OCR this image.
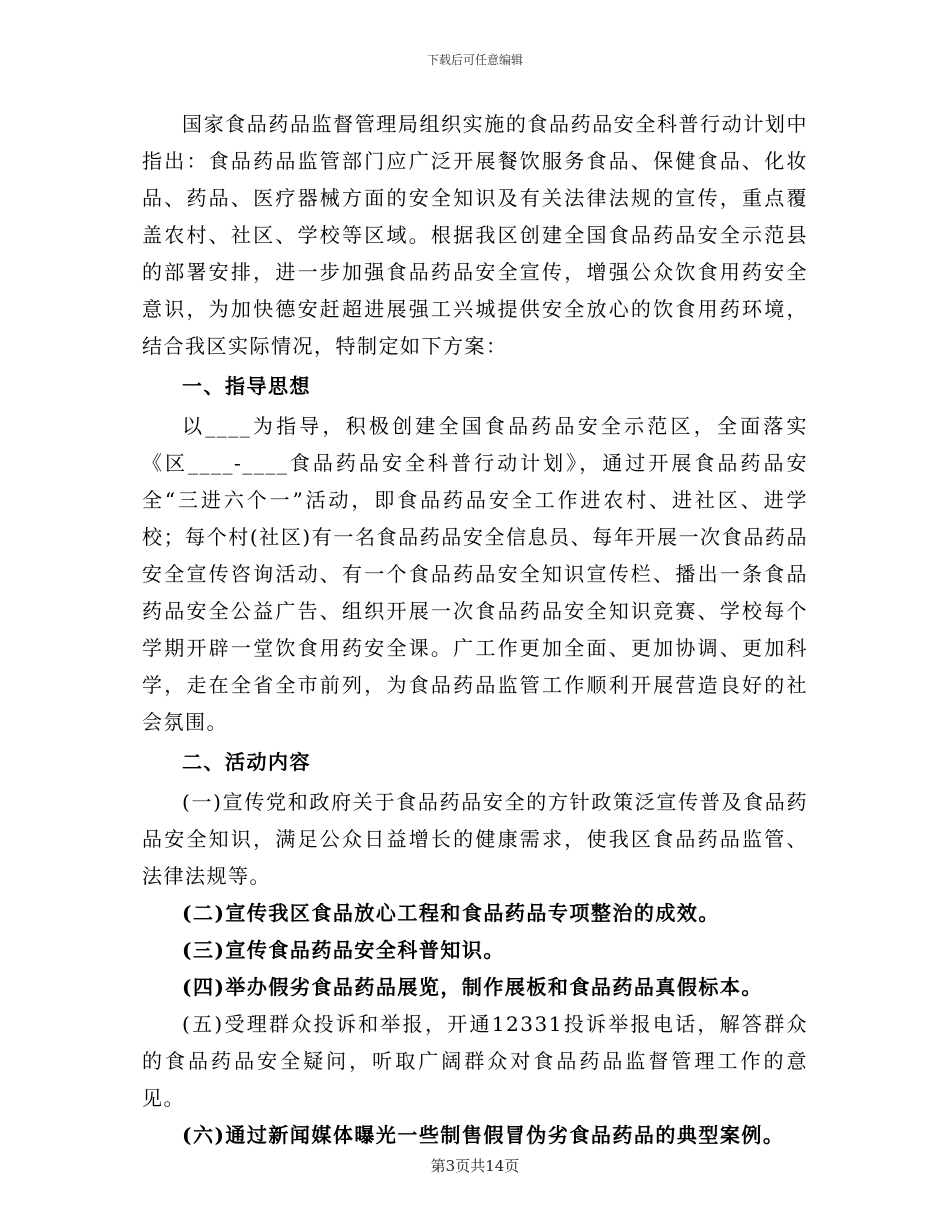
下载后可任意编辑

国家食品药品监督管理局组织实施的食品药品安全科普行动计划中指出：食品药品监管部门应广泛开展餐饮服务食品、保健食品、化妆品、药品、医疗器械方面的安全知识及有关法律法规的宣传，重点覆盖农村、社区、学校等区域。根据我区创建全国食品药品安全示范县的部署安排，进一步加强食品药品安全宣传，增强公众饮食用药安全意识，为加快德安赶超进展强工兴城提供安全放心的饮食用药环境，结合我区实际情况，特制定如下方案：

一、指导思想

以____为指导，积极创建全国食品药品安全示范区，全面落实《区____-____食品药品安全科普行动计划》，通过开展食品药品安全“三进六个一”活动，即食品药品安全工作进农村、进社区、进学校；每个村(社区)有一名食品药品安全信息员、每年开展一次食品药品安全宣传咨询活动、有一个食品药品安全知识宣传栏、播出一条食品药品安全公益广告、组织开展一次食品药品安全知识竞赛、学校每个学期开辟一堂饮食用药安全课。广工作更加全面、更加协调、更加科学，走在全省全市前列，为食品药品监管工作顺利开展营造良好的社会氛围。

二、活动内容

(一)宣传党和政府关于食品药品安全的方针政策泛宣传普及食品药品安全知识，满足公众日益增长的健康需求，使我区食品药品监管、法律法规等。

(二)宣传我区食品放心工程和食品药品专项整治的成效。

(三)宣传食品药品安全科普知识。

(四)举办假劣食品药品展览，制作展板和食品药品真假标本。

(五)受理群众投诉和举报，开通12331投诉举报电话，解答群众的食品药品安全疑问，听取广阔群众对食品药品监督管理工作的意见。

(六)通过新闻媒体曝光一些制售假冒伪劣食品药品的典型案例。

第3页共14页
